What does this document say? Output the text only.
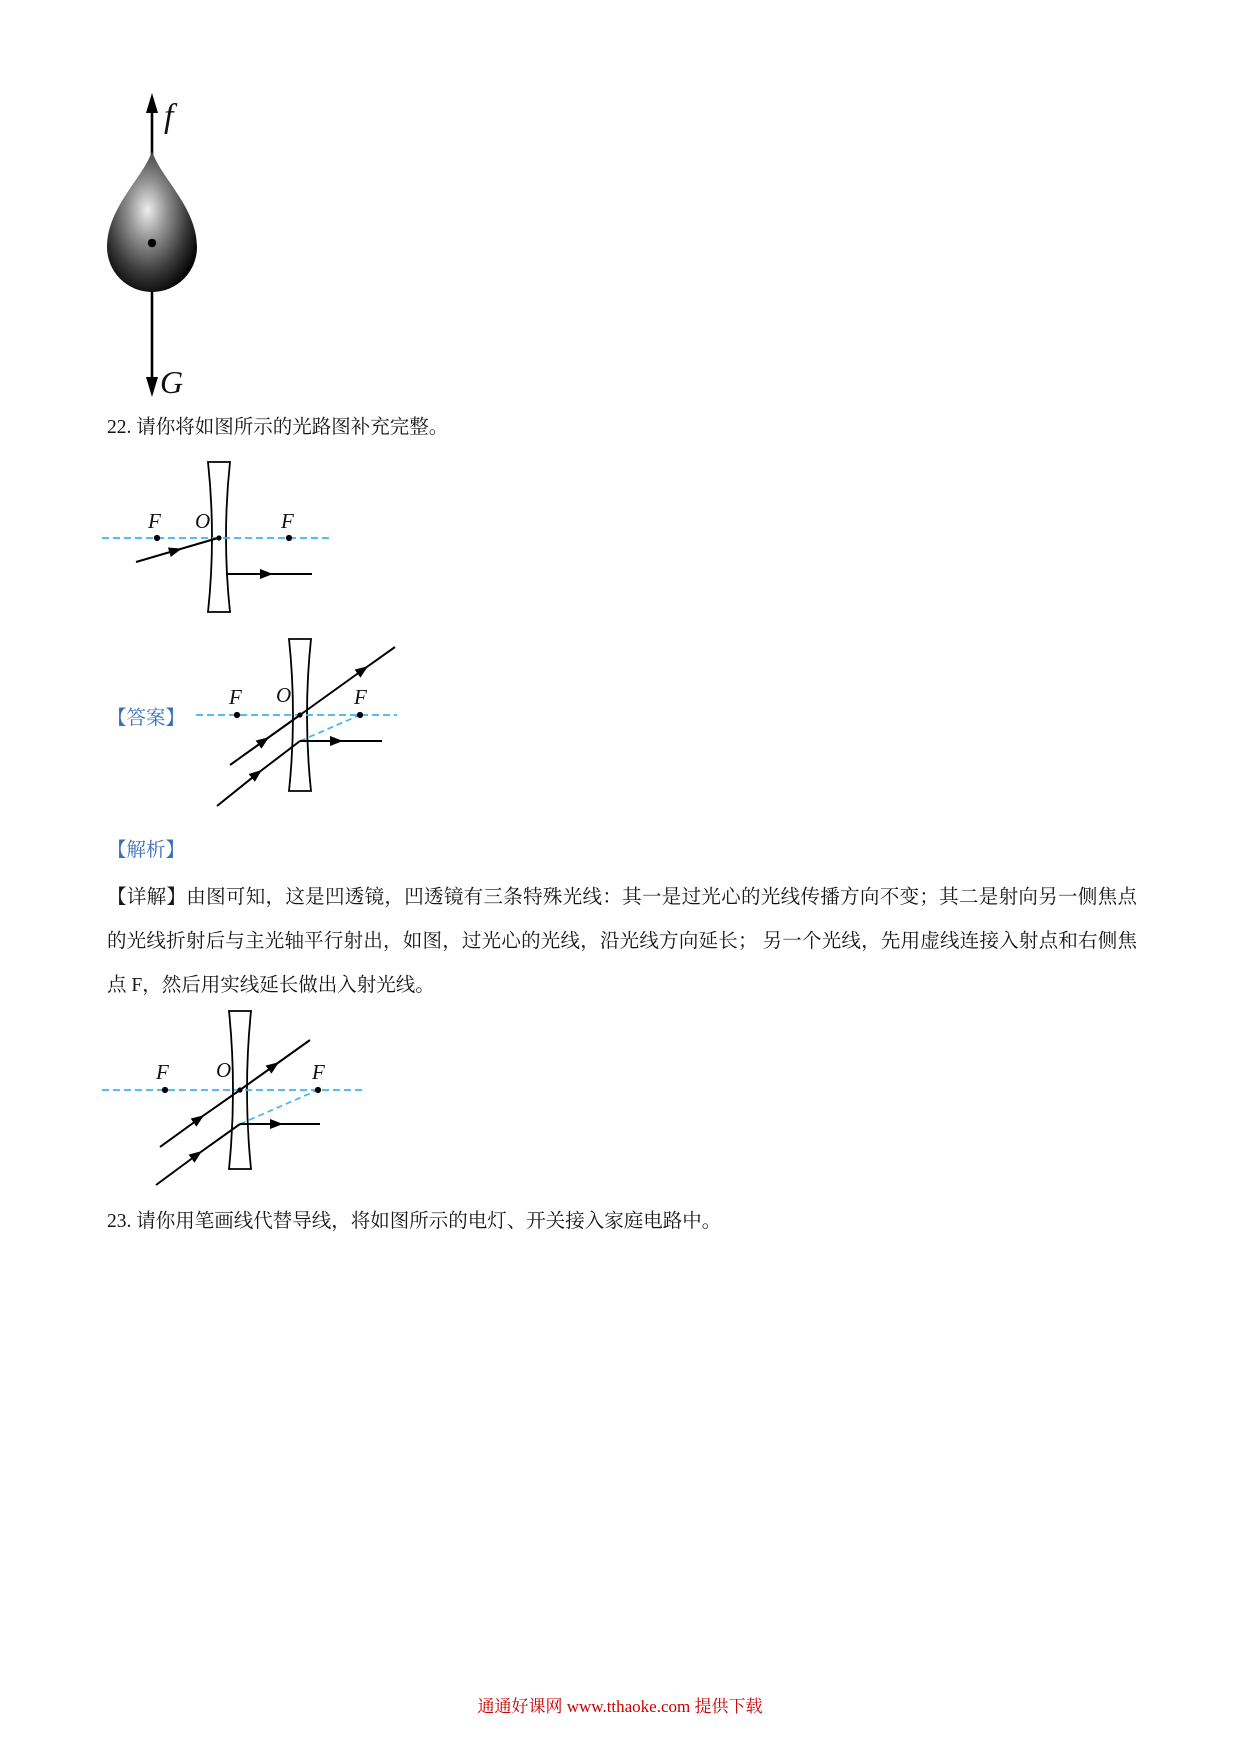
f
G
22. 请你将如图所示的光路图补充完整。
F O	F
【答案】
F O	F
【解析】
【详解】由图可知，这是凹透镜，凹透镜有三条特殊光线：其一是过光心的光线传播方向不变；其二是射向另一侧焦点的光线折射后与主光轴平行射出，如图，过光心的光线，沿光线方向延长； 另一个光线，先用虚线连接入射点和右侧焦点 F，然后用实线延长做出入射光线。
F O	F
23. 请你用笔画线代替导线，将如图所示的电灯、开关接入家庭电路中。
通通好课网 www.tthaoke.com 提供下载
